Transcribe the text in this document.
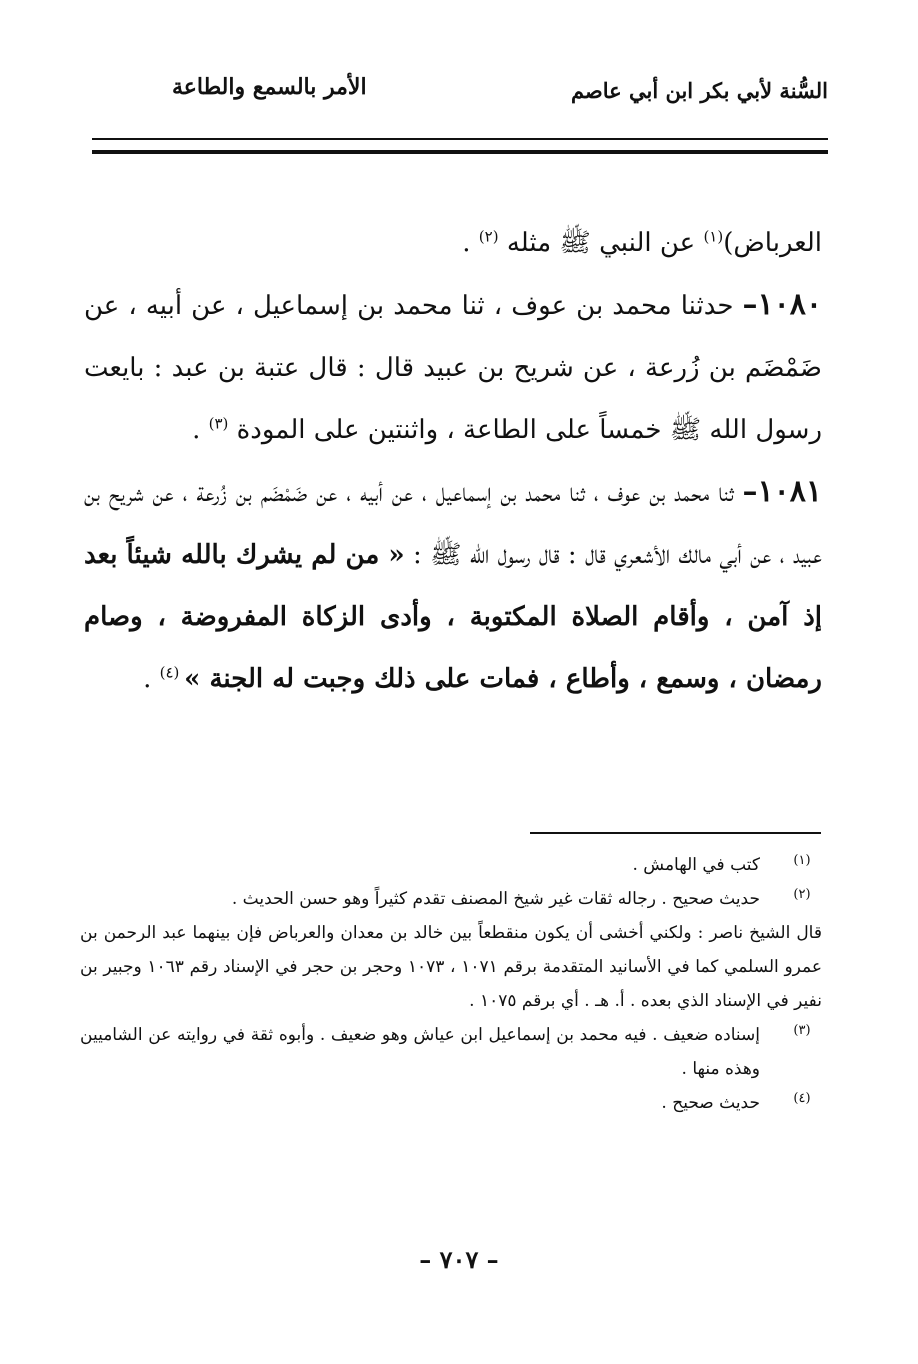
السُّنة لأبي بكر ابن أبي عاصم
الأمر بالسمع والطاعة

العرباض)$^{(١)}$ عن النبي ﷺ مثله $^{(٢)}$ .

١٠٨٠– حدثنا محمد بن عوف ، ثنا محمد بن إسماعيل ، عن أبيه ، عن ضَمْضَم بن زُرعة ، عن شريح بن عبيد قال : قال عتبة بن عبد : بايعت رسول الله ﷺ خمساً على الطاعة ، واثنتين على المودة $^{(٣)}$ .

١٠٨١– ثنا محمد بن عوف ، ثنا محمد بن إسماعيل ، عن أبيه ، عن ضَمْضَم بن زُرعة ، عن شريح بن عبيد ، عن أبي مالك الأشعري قال : قال رسول الله ﷺ : « من لم يشرك بالله شيئاً بعد إذ آمن ، وأقام الصلاة المكتوبة ، وأدى الزكاة المفروضة ، وصام رمضان ، وسمع ، وأطاع ، فمات على ذلك وجبت له الجنة » $^{(٤)}$ .

(١)
كتب في الهامش .
(٢)
حديث صحيح . رجاله ثقات غير شيخ المصنف تقدم كثيراً وهو حسن الحديث .
قال الشيخ ناصر : ولكني أخشى أن يكون منقطعاً بين خالد بن معدان والعرباض فإن بينهما عبد الرحمن بن عمرو السلمي كما في الأسانيد المتقدمة برقم ١٠٧١ ، ١٠٧٣ وحجر بن حجر في الإسناد رقم ١٠٦٣ وجبير بن نفير في الإسناد الذي بعده . أ. هـ . أي برقم ١٠٧٥ .
(٣)
إسناده ضعيف . فيه محمد بن إسماعيل ابن عياش وهو ضعيف . وأبوه ثقة في روايته عن الشاميين وهذه منها .
(٤)
حديث صحيح .
– ٧٠٧ –
